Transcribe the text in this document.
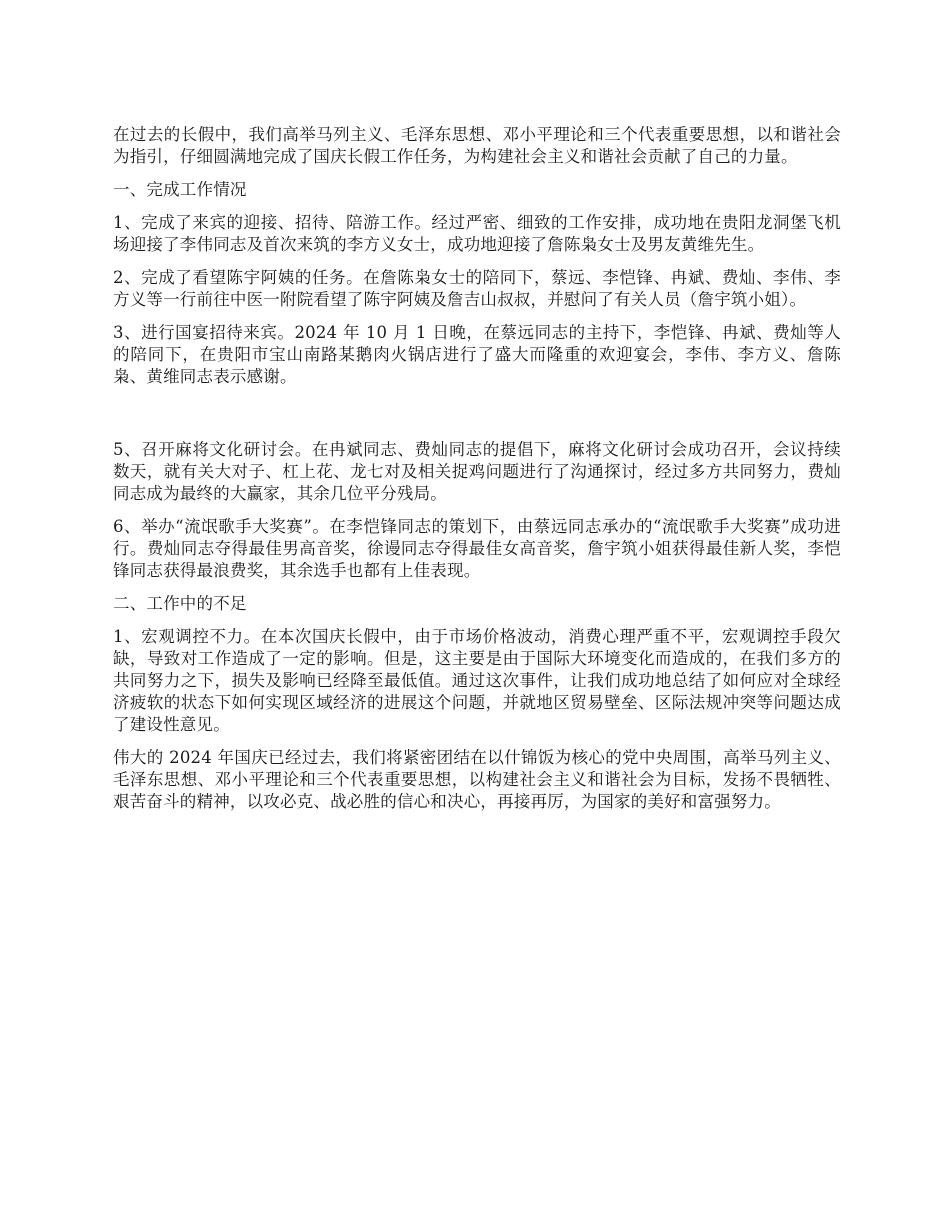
在过去的长假中，我们高举马列主义、毛泽东思想、邓小平理论和三个代表重要思想，以和谐社会为指引，仔细圆满地完成了国庆长假工作任务，为构建社会主义和谐社会贡献了自己的力量。

一、完成工作情况

1、完成了来宾的迎接、招待、陪游工作。经过严密、细致的工作安排，成功地在贵阳龙洞堡飞机场迎接了李伟同志及首次来筑的李方义女士，成功地迎接了詹陈枭女士及男友黄维先生。

2、完成了看望陈宇阿姨的任务。在詹陈枭女士的陪同下，蔡远、李恺锋、冉斌、费灿、李伟、李方义等一行前往中医一附院看望了陈宇阿姨及詹吉山叔叔，并慰问了有关人员（詹宇筑小姐）。

3、进行国宴招待来宾。2024 年 10 月 1 日晚，在蔡远同志的主持下，李恺锋、冉斌、费灿等人的陪同下，在贵阳市宝山南路某鹅肉火锅店进行了盛大而隆重的欢迎宴会，李伟、李方义、詹陈枭、黄维同志表示感谢。

5、召开麻将文化研讨会。在冉斌同志、费灿同志的提倡下，麻将文化研讨会成功召开，会议持续数天，就有关大对子、杠上花、龙七对及相关捉鸡问题进行了沟通探讨，经过多方共同努力，费灿同志成为最终的大赢家，其余几位平分残局。

6、举办“流氓歌手大奖赛”。在李恺锋同志的策划下，由蔡远同志承办的“流氓歌手大奖赛”成功进行。费灿同志夺得最佳男高音奖，徐谩同志夺得最佳女高音奖，詹宇筑小姐获得最佳新人奖，李恺锋同志获得最浪费奖，其余选手也都有上佳表现。

二、工作中的不足

1、宏观调控不力。在本次国庆长假中，由于市场价格波动，消费心理严重不平，宏观调控手段欠缺，导致对工作造成了一定的影响。但是，这主要是由于国际大环境变化而造成的，在我们多方的共同努力之下，损失及影响已经降至最低值。通过这次事件，让我们成功地总结了如何应对全球经济疲软的状态下如何实现区域经济的进展这个问题，并就地区贸易壁垒、区际法规冲突等问题达成了建设性意见。

伟大的 2024 年国庆已经过去，我们将紧密团结在以什锦饭为核心的党中央周围，高举马列主义、毛泽东思想、邓小平理论和三个代表重要思想，以构建社会主义和谐社会为目标，发扬不畏牺牲、艰苦奋斗的精神，以攻必克、战必胜的信心和决心，再接再厉，为国家的美好和富强努力。
